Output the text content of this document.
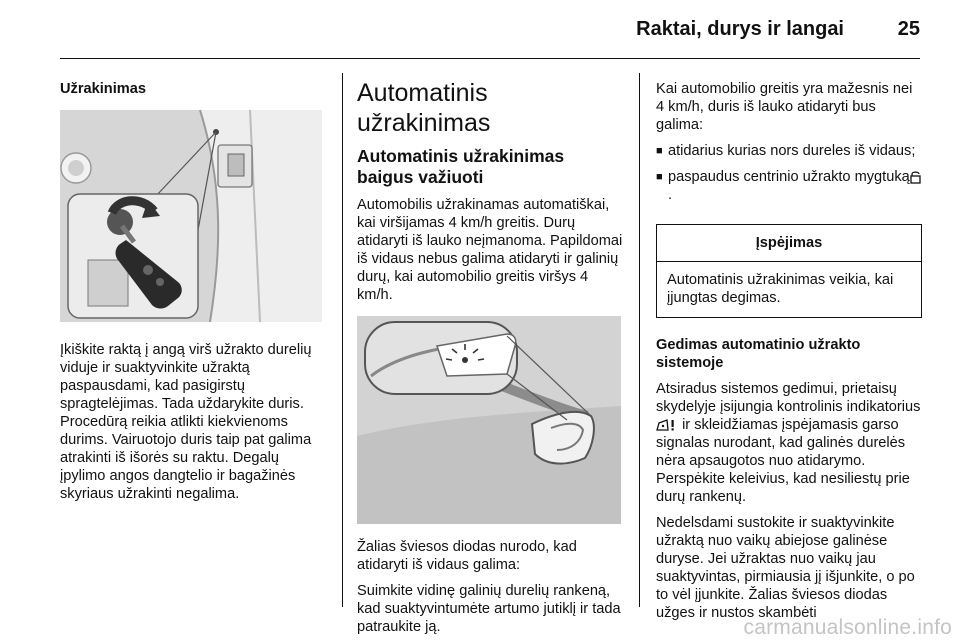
Raktai, durys ir langai	25

Užrakinimas

Įkiškite raktą į angą virš užrakto durelių viduje ir suaktyvinkite užraktą paspausdami, kad pasigirstų spragtelėjimas. Tada uždarykite duris. Procedūrą reikia atlikti kiekvienoms durims. Vairuotojo duris taip pat galima atrakinti iš išorės su raktu. Degalų įpylimo angos dangtelio ir bagažinės skyriaus užrakinti negalima.

Automatinis užrakinimas

Automatinis užrakinimas baigus važiuoti

Automobilis užrakinamas automatiškai, kai viršijamas 4 km/h greitis. Durų atidaryti iš lauko neįmanoma. Papildomai iš vidaus nebus galima atidaryti ir galinių durų, kai automobilio greitis viršys 4 km/h.

Žalias šviesos diodas nurodo, kad atidaryti iš vidaus galima:

Suimkite vidinę galinių durelių rankeną, kad suaktyvintumėte artumo jutiklį ir tada patraukite ją.

Kai automobilio greitis yra mažesnis nei 4 km/h, duris iš lauko atidaryti bus galima:

■ atidarius kurias nors dureles iš vidaus;
■ paspaudus centrinio užrakto mygtuką.
Įspėjimas
Automatinis užrakinimas veikia, kai įjungtas degimas.

Gedimas automatinio užrakto sistemoje

Atsiradus sistemos gedimui, prietaisų skydelyje įsijungia kontrolinis indikatorius  ir skleidžiamas įspėjamasis garso signalas nurodant, kad galinės durelės nėra apsaugotos nuo atidarymo. Perspėkite keleivius, kad nesiliestų prie durų rankenų.

Nedelsdami sustokite ir suaktyvinkite užraktą nuo vaikų abiejose galinėse duryse. Jei užraktas nuo vaikų jau suaktyvintas, pirmiausia jį išjunkite, o po to vėl įjunkite. Žalias šviesos diodas užges ir nustos skambėti

carmanualsonline.info
